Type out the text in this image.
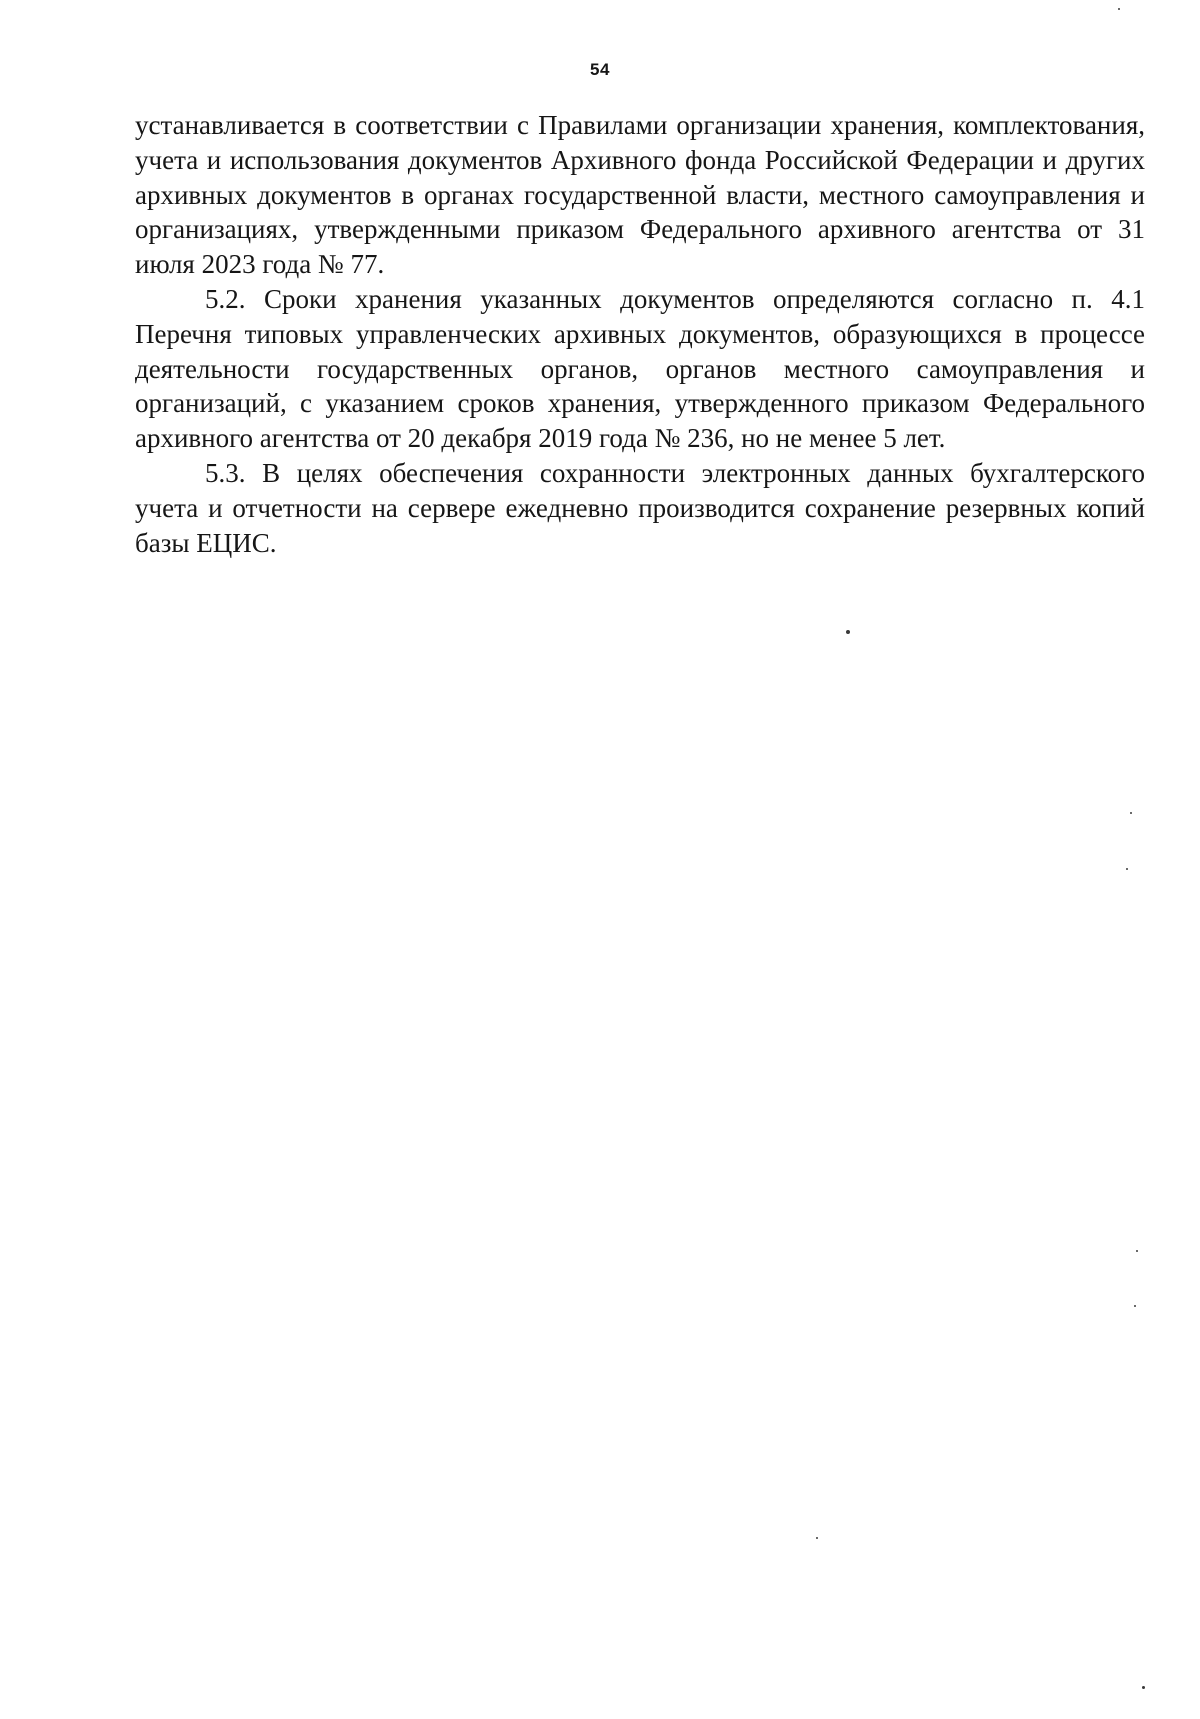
54

устанавливается в соответствии с Правилами организации хранения, комплектования, учета и использования документов Архивного фонда Российской Федерации и других архивных документов в органах государственной власти, местного самоуправления и организациях, утвержденными приказом Федерального архивного агентства от 31 июля 2023 года № 77.

5.2. Сроки хранения указанных документов определяются согласно п. 4.1 Перечня типовых управленческих архивных документов, образующихся в процессе деятельности государственных органов, органов местного самоуправления и организаций, с указанием сроков хранения, утвержденного приказом Федерального архивного агентства от 20 декабря 2019 года № 236, но не менее 5 лет.

5.3. В целях обеспечения сохранности электронных данных бухгалтерского учета и отчетности на сервере ежедневно производится сохранение резервных копий базы ЕЦИС.
